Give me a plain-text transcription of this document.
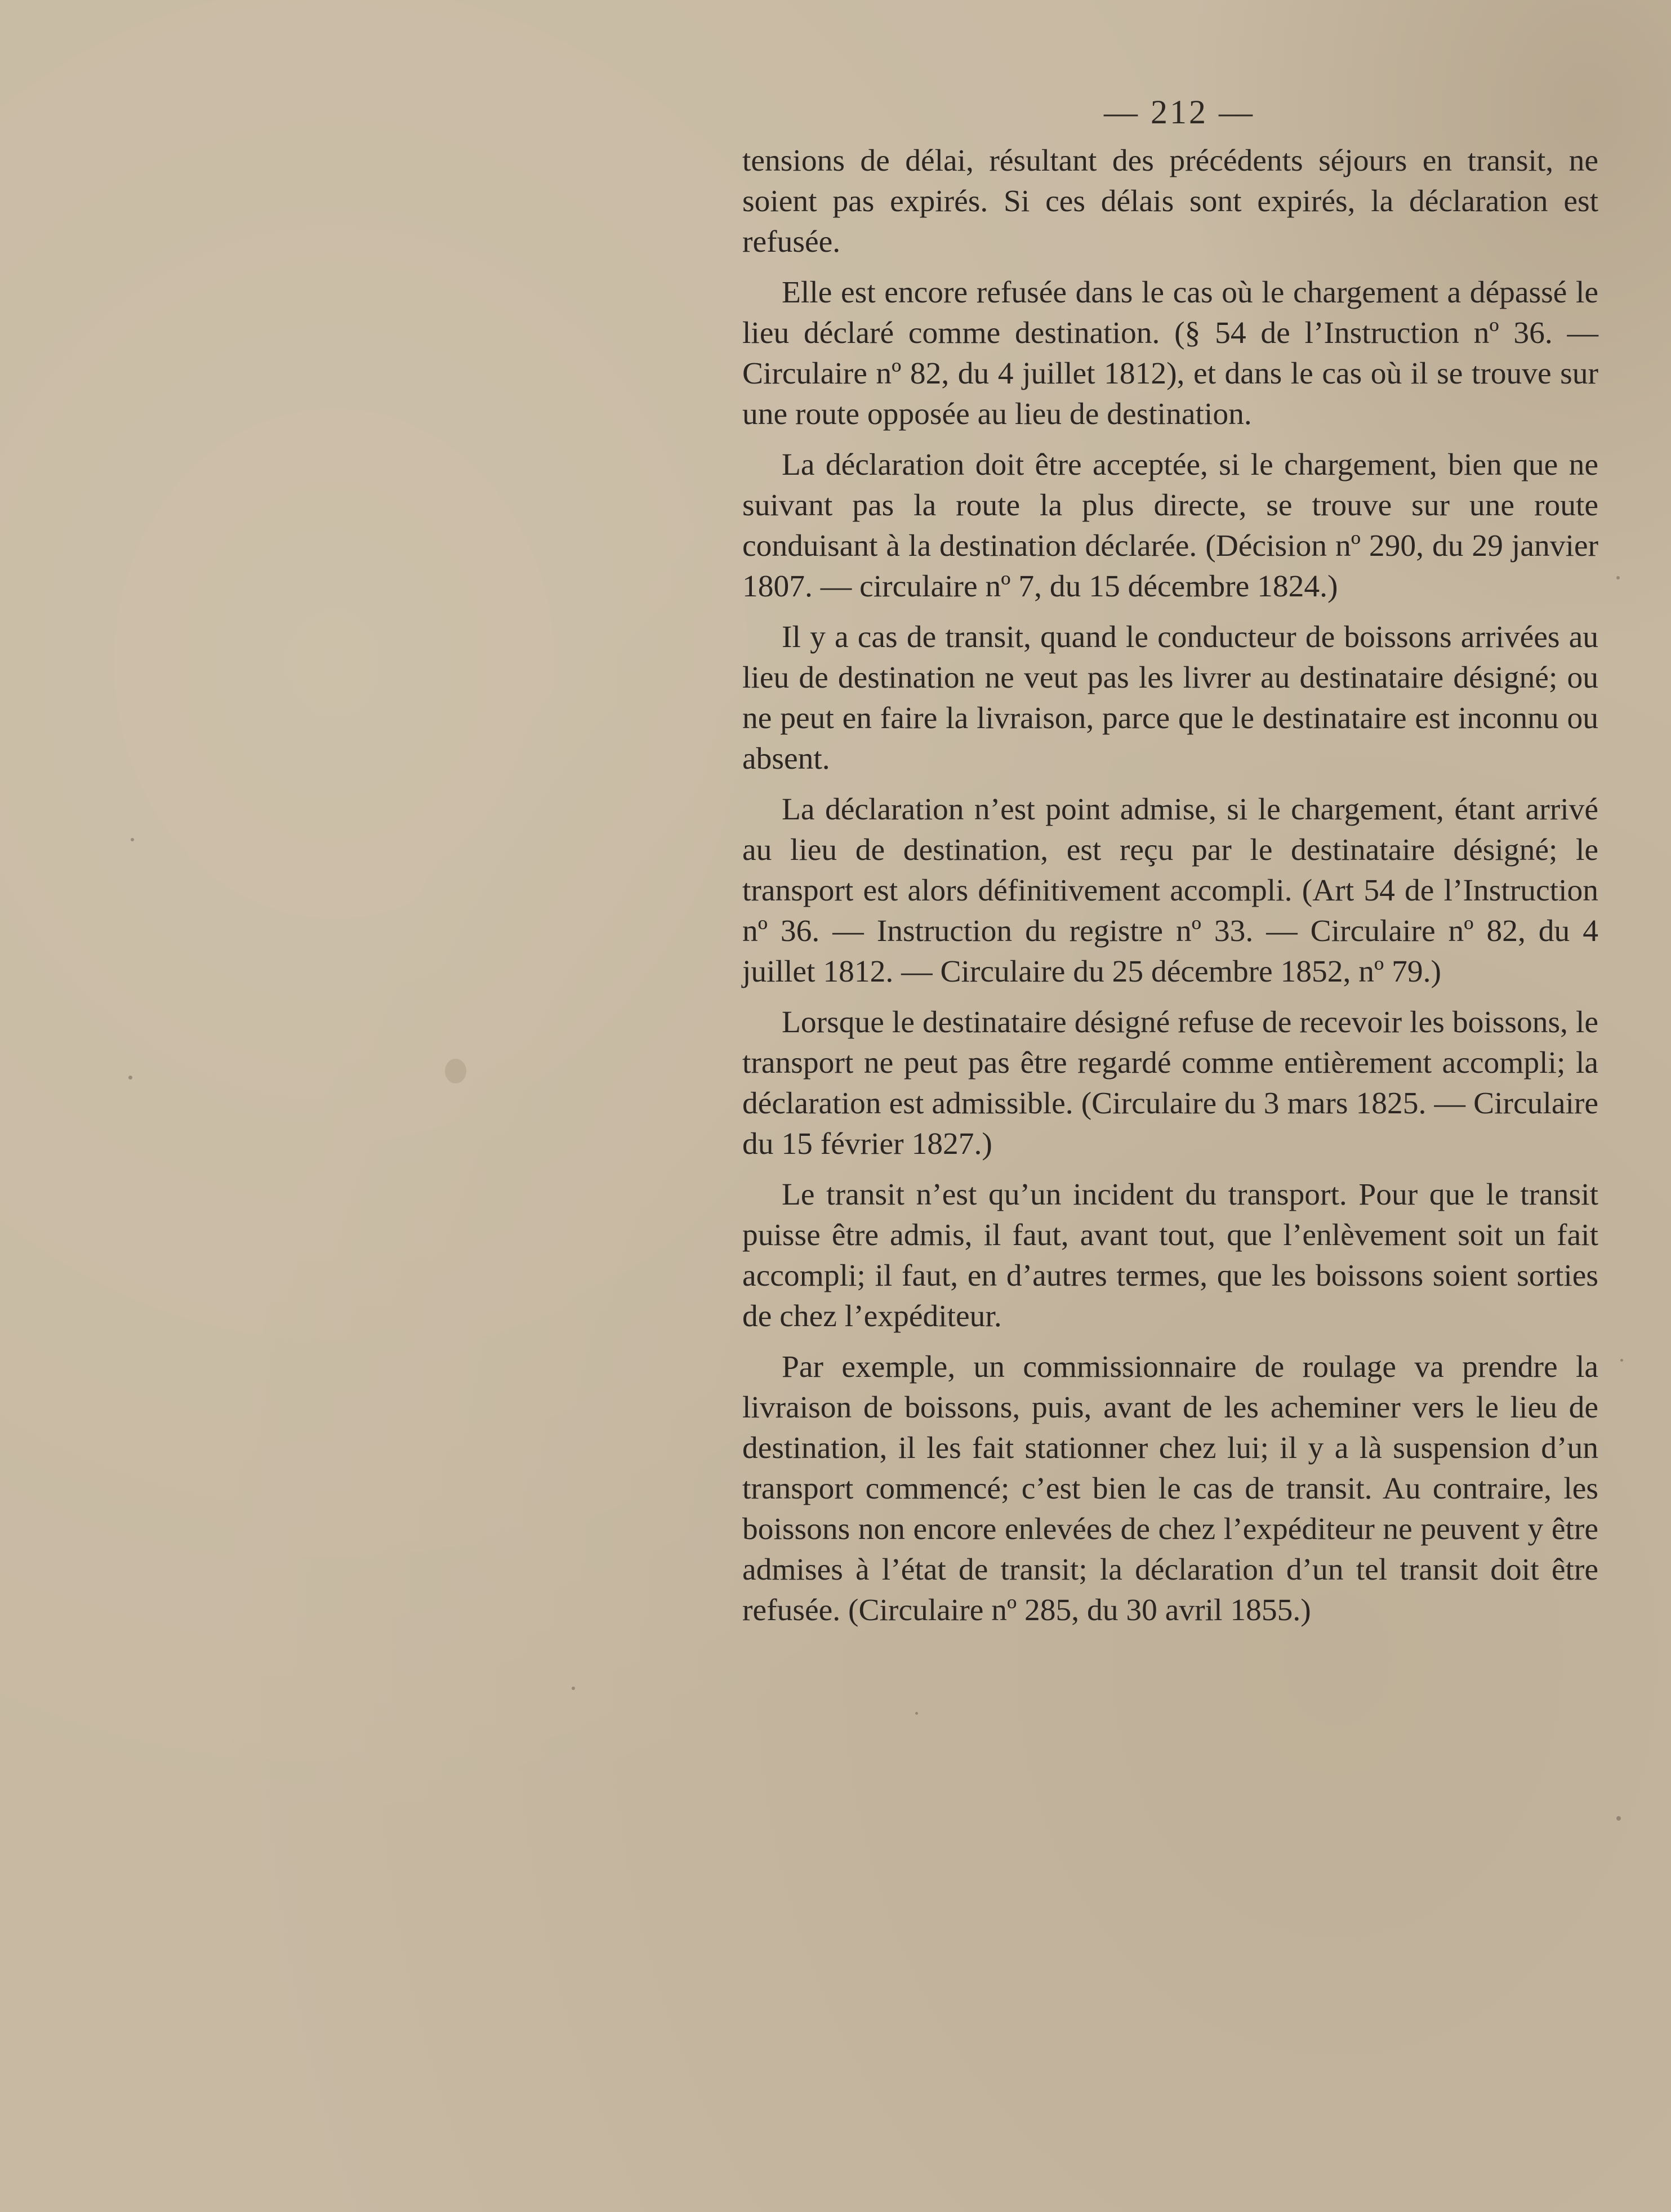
— 212 —

tensions de délai, résultant des précédents séjours en transit, ne soient pas expirés. Si ces délais sont expirés, la déclaration est refusée.

Elle est encore refusée dans le cas où le chargement a dépassé le lieu déclaré comme destination. (§ 54 de l’Instruction nº 36. — Circulaire nº 82, du 4 juillet 1812), et dans le cas où il se trouve sur une route opposée au lieu de destination.

La déclaration doit être acceptée, si le chargement, bien que ne suivant pas la route la plus directe, se trouve sur une route conduisant à la destination déclarée. (Décision nº 290, du 29 janvier 1807. — circulaire nº 7, du 15 décembre 1824.)

Il y a cas de transit, quand le conducteur de boissons arrivées au lieu de destination ne veut pas les livrer au destinataire désigné; ou ne peut en faire la livraison, parce que le destinataire est inconnu ou absent.

La déclaration n’est point admise, si le chargement, étant arrivé au lieu de destination, est reçu par le destinataire désigné; le transport est alors définitivement accompli. (Art 54 de l’Instruction nº 36. — Instruction du registre nº 33. — Circulaire nº 82, du 4 juillet 1812. — Circulaire du 25 décembre 1852, nº 79.)

Lorsque le destinataire désigné refuse de recevoir les boissons, le transport ne peut pas être regardé comme entièrement accompli; la déclaration est admissible. (Circulaire du 3 mars 1825. — Circulaire du 15 février 1827.)

Le transit n’est qu’un incident du transport. Pour que le transit puisse être admis, il faut, avant tout, que l’enlèvement soit un fait accompli; il faut, en d’autres termes, que les boissons soient sorties de chez l’expéditeur.

Par exemple, un commissionnaire de roulage va prendre la livraison de boissons, puis, avant de les acheminer vers le lieu de destination, il les fait stationner chez lui; il y a là suspension d’un transport commencé; c’est bien le cas de transit. Au contraire, les boissons non encore enlevées de chez l’expéditeur ne peuvent y être admises à l’état de transit; la déclaration d’un tel transit doit être refusée. (Circulaire nº 285, du 30 avril 1855.)
